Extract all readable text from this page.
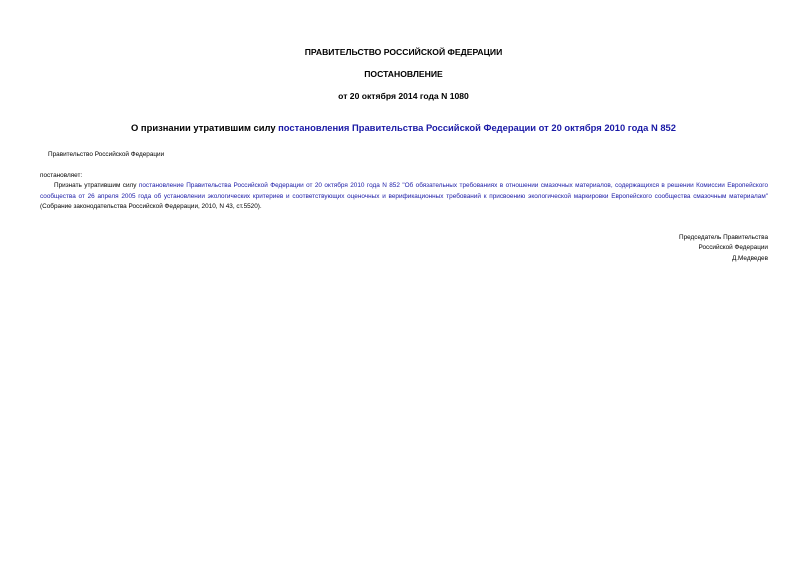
ПРАВИТЕЛЬСТВО РОССИЙСКОЙ ФЕДЕРАЦИИ
ПОСТАНОВЛЕНИЕ
от 20 октября 2014 года N 1080
О признании утратившим силу постановления Правительства Российской Федерации от 20 октября 2010 года N 852
Правительство Российской Федерации
постановляет:
Признать утратившим силу постановление Правительства Российской Федерации от 20 октября 2010 года N 852 "Об обязательных требованиях в отношении смазочных материалов, содержащихся в решении Комиссии Европейского сообщества от 26 апреля 2005 года об установлении экологических критериев и соответствующих оценочных и верификационных требований к присвоению экологической маркировки Европейского сообщества смазочным материалам" (Собрание законодательства Российской Федерации, 2010, N 43, ст.5520).
Председатель Правительства
Российской Федерации
Д.Медведев
